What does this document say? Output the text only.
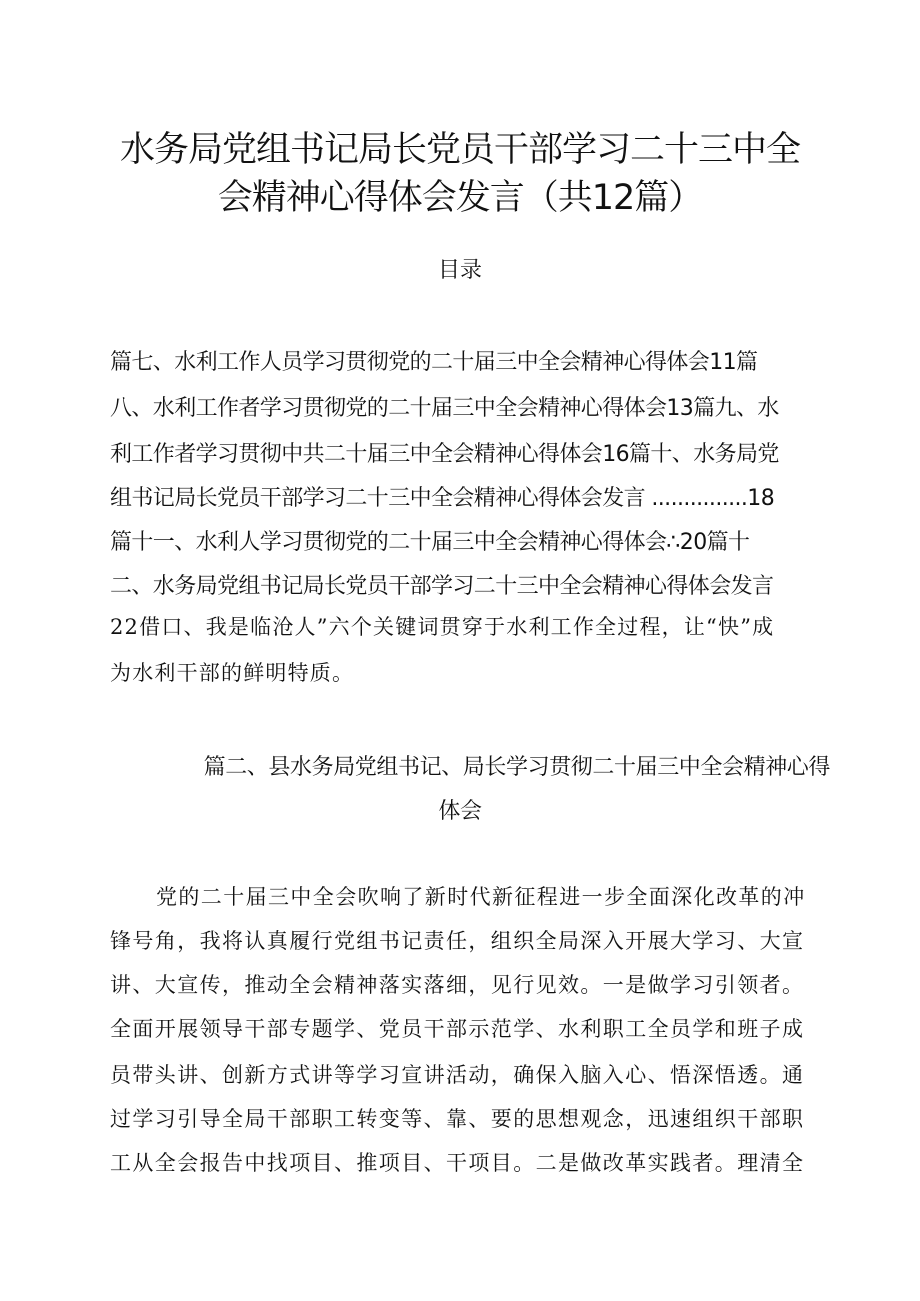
水务局党组书记局长党员干部学习二十三中全
会精神心得体会发言（共12篇）
目录
篇七、水利工作人员学习贯彻党的二十届三中全会精神心得体会11篇
八、水利工作者学习贯彻党的二十届三中全会精神心得体会13篇九、水
利工作者学习贯彻中共二十届三中全会精神心得体会16篇十、水务局党
组书记局长党员干部学习二十三中全会精神心得体会发言 ...............18
篇十一、水利人学习贯彻党的二十届三中全会精神心得体会∴20篇十
二、水务局党组书记局长党员干部学习二十三中全会精神心得体会发言
22借口、我是临沧人”六个关键词贯穿于水利工作全过程，让“快”成
为水利干部的鲜明特质。
篇二、县水务局党组书记、局长学习贯彻二十届三中全会精神心得
体会
党的二十届三中全会吹响了新时代新征程进一步全面深化改革的冲
锋号角，我将认真履行党组书记责任，组织全局深入开展大学习、大宣
讲、大宣传，推动全会精神落实落细，见行见效。一是做学习引领者。
全面开展领导干部专题学、党员干部示范学、水利职工全员学和班子成
员带头讲、创新方式讲等学习宣讲活动，确保入脑入心、悟深悟透。通
过学习引导全局干部职工转变等、靠、要的思想观念，迅速组织干部职
工从全会报告中找项目、推项目、干项目。二是做改革实践者。理清全
